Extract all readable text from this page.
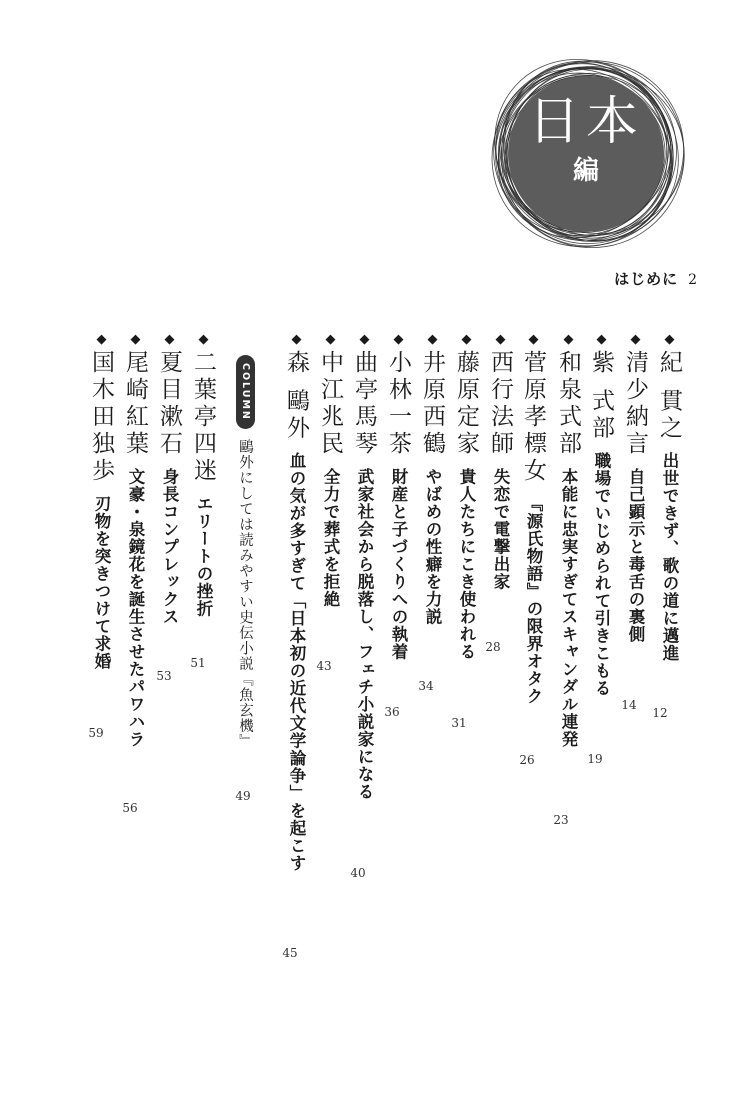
日本
編
はじめに 2
◆紀 貫之出世できず、歌の道に邁進
12
◆清少納言自己顕示と毒舌の裏側
14
◆紫 式部職場でいじめられて引きこもる
19
◆和泉式部本能に忠実すぎてスキャンダル連発
23
◆菅原孝標女『源氏物語』の限界オタク
26
◆西行法師失恋で電撃出家
28
◆藤原定家貴人たちにこき使われる
31
◆井原西鶴やばめの性癖を力説
34
◆小林一茶財産と子づくりへの執着
36
◆曲亭馬琴武家社会から脱落し、フェチ小説家になる
40
◆中江兆民全力で葬式を拒絶
43
◆森 鷗外血の気が多すぎて「日本初の近代文学論争」を起こす
45
COLUMN鷗外にしては読みやすい史伝小説『魚玄機』
49
◆二葉亭四迷エリートの挫折
51
◆夏目漱石身長コンプレックス
53
◆尾崎紅葉文豪・泉鏡花を誕生させたパワハラ
56
◆国木田独歩刃物を突きつけて求婚
59
